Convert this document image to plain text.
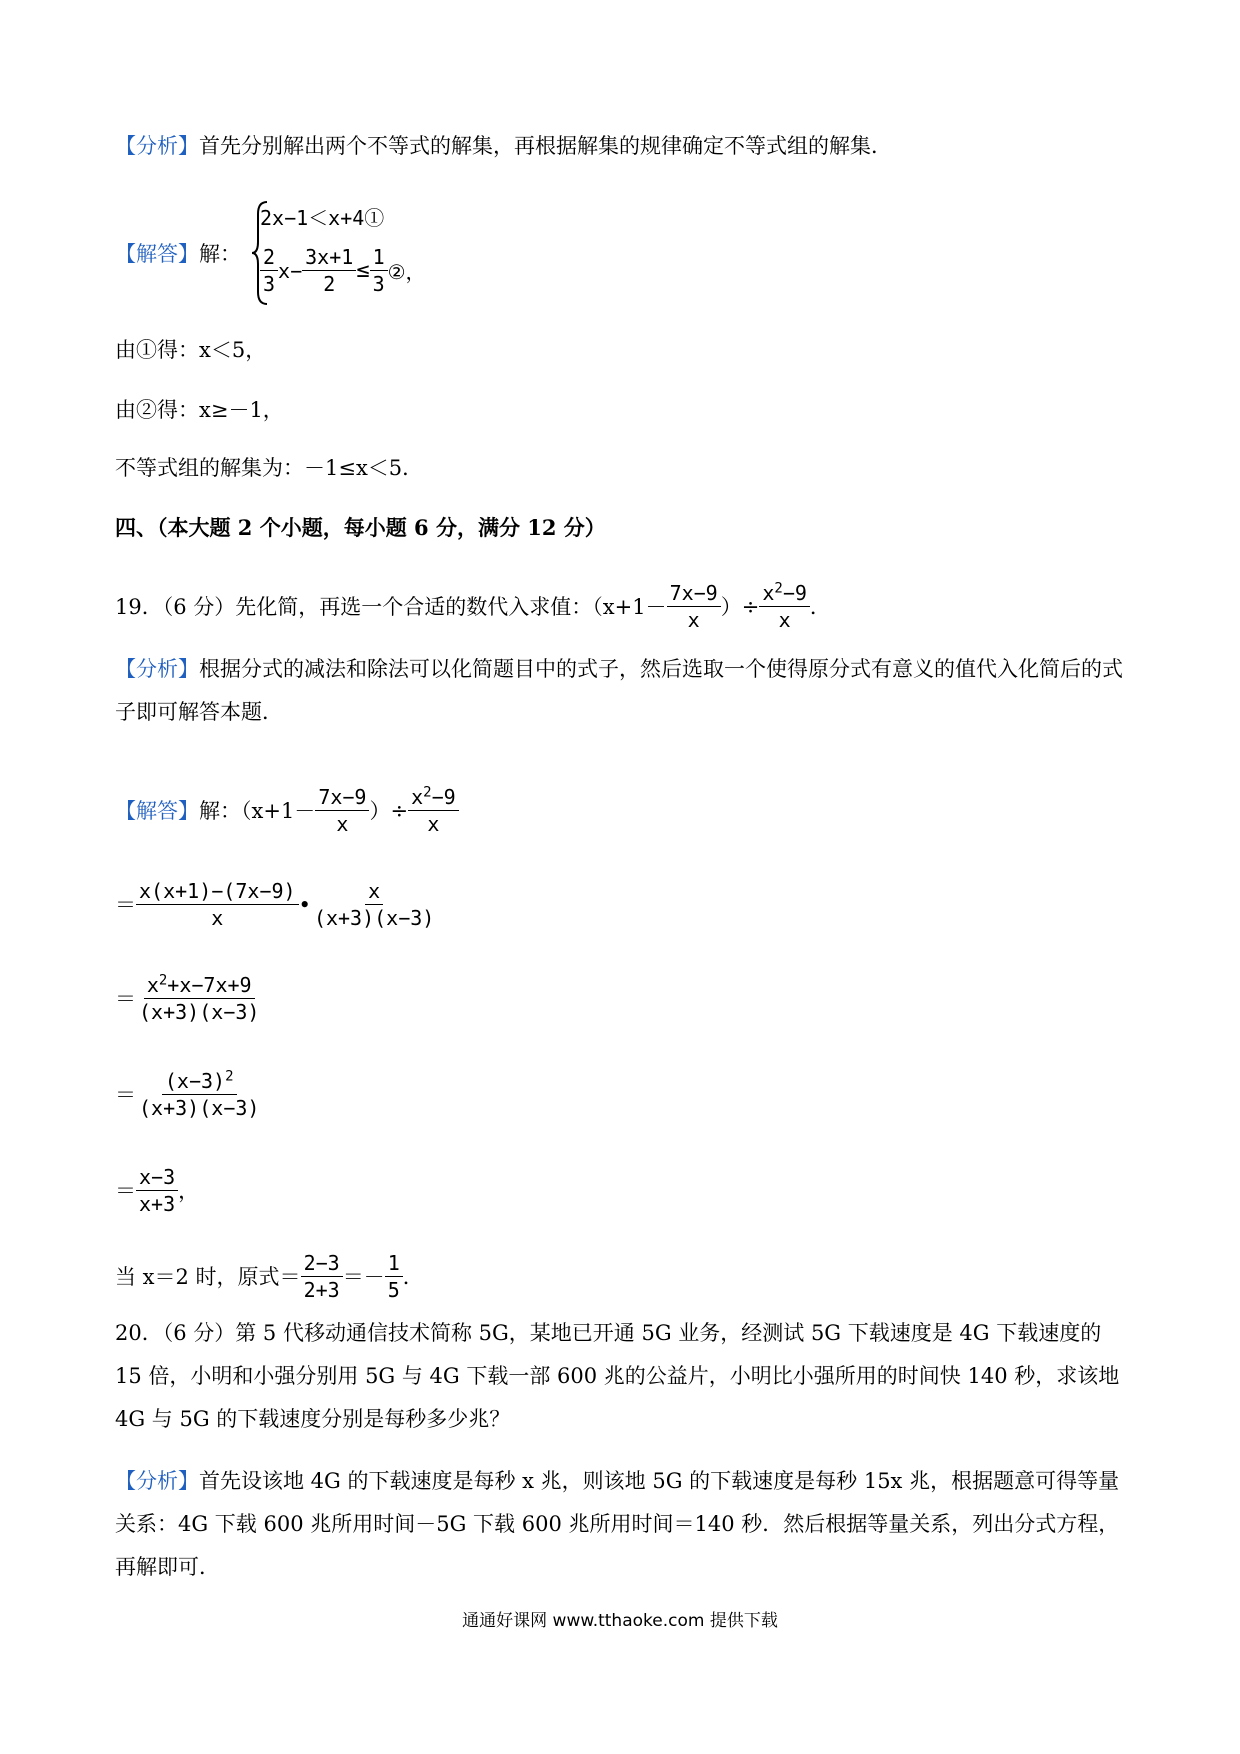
【分析】首先分别解出两个不等式的解集，再根据解集的规律确定不等式组的解集．
【解答】解：
2x−1＜x+4①
$\frac{2}{3} x- \frac{3x+1}{2} \le \frac{1}{3}$ ②，
由①得：x＜5，
由②得：x≥－1，
不等式组的解集为：－1≤x＜5．
四、（本大题 2 个小题，每小题 6 分，满分 12 分）
19．（6 分）先化简，再选一个合适的数代入求值：（$x+1- \frac{7x-9}{x}$ ）÷ $\frac{x^2-9}{x}$ ．
【分析】根据分式的减法和除法可以化简题目中的式子，然后选取一个使得原分式有意义的值代入化简后的式子即可解答本题．
【解答】 解：（$x+1- \frac{7x-9}{x}$ ）÷ $\frac{x^2-9}{x}$
＝ $\frac{x(x+1)-(7x-9)}{x}$ • $\frac{x}{(x+3)(x-3)}$
＝ $\frac{x^2+x-7x+9}{(x+3)(x-3)}$
＝ $\frac{(x-3)^2}{(x+3)(x-3)}$
＝ $\frac{x-3}{x+3}$ ，
当 x＝2 时，原式＝ $\frac{2-3}{2+3} =- \frac{1}{5}$ ．
20．（6 分）第 5 代移动通信技术简称 5G，某地已开通 5G 业务，经测试 5G 下载速度是 4G 下载速度的 15 倍，小明和小强分别用 5G 与 4G 下载一部 600 兆的公益片，小明比小强所用的时间快 140 秒，求该地 4G 与 5G 的下载速度分别是每秒多少兆？
【分析】首先设该地 4G 的下载速度是每秒 x 兆，则该地 5G 的下载速度是每秒 15x 兆，根据题意可得等量关系：4G 下载 600 兆所用时间－5G 下载 600 兆所用时间＝140 秒．然后根据等量关系，列出分式方程，再解即可．
通通好课网 www.tthaoke.com 提供下载
